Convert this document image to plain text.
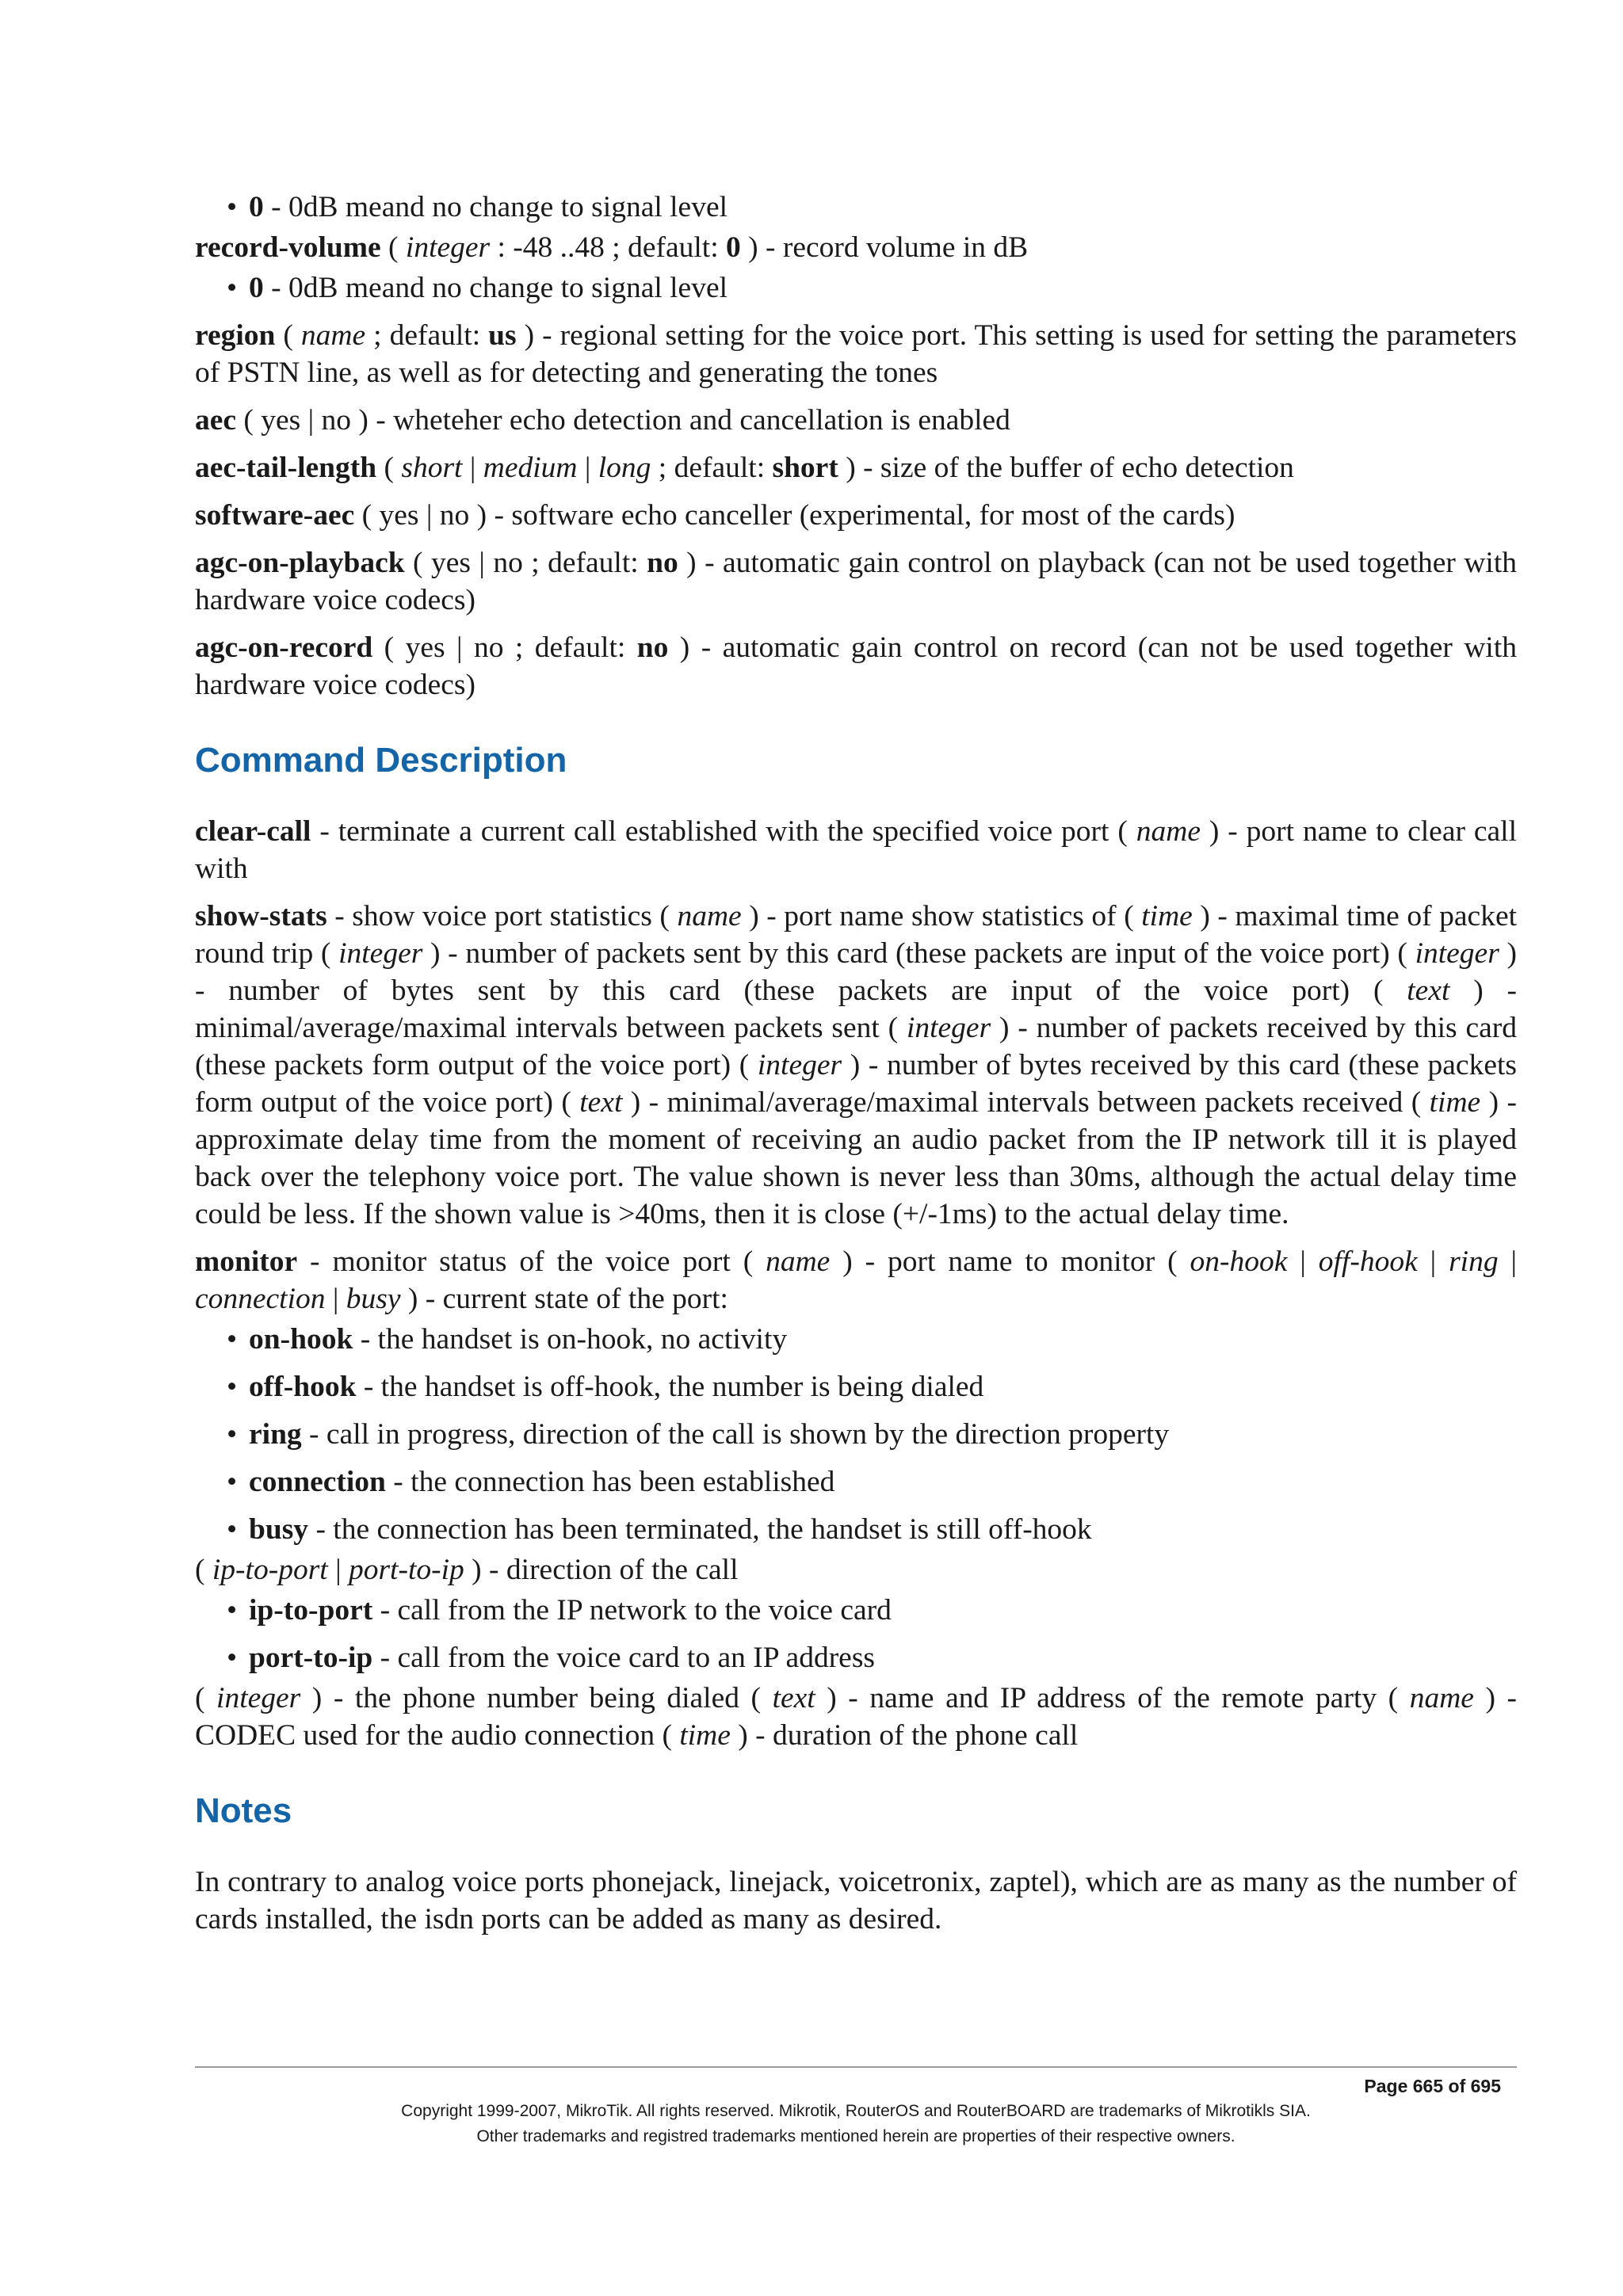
• 0 - 0dB meand no change to signal level

record-volume ( integer : -48 ..48 ; default: 0 ) - record volume in dB

• 0 - 0dB meand no change to signal level

region ( name ; default: us ) - regional setting for the voice port. This setting is used for setting the parameters of PSTN line, as well as for detecting and generating the tones

aec ( yes | no ) - wheteher echo detection and cancellation is enabled

aec-tail-length ( short | medium | long ; default: short ) - size of the buffer of echo detection

software-aec ( yes | no ) - software echo canceller (experimental, for most of the cards)

agc-on-playback ( yes | no ; default: no ) - automatic gain control on playback (can not be used together with hardware voice codecs)

agc-on-record ( yes | no ; default: no ) - automatic gain control on record (can not be used together with hardware voice codecs)

Command Description

clear-call - terminate a current call established with the specified voice port ( name ) - port name to clear call with

show-stats - show voice port statistics ( name ) - port name show statistics of ( time ) - maximal time of packet round trip ( integer ) - number of packets sent by this card (these packets are input of the voice port) ( integer ) - number of bytes sent by this card (these packets are input of the voice port) ( text ) - minimal/average/maximal intervals between packets sent ( integer ) - number of packets received by this card (these packets form output of the voice port) ( integer ) - number of bytes received by this card (these packets form output of the voice port) ( text ) - minimal/average/maximal intervals between packets received ( time ) - approximate delay time from the moment of receiving an audio packet from the IP network till it is played back over the telephony voice port. The value shown is never less than 30ms, although the actual delay time could be less. If the shown value is >40ms, then it is close (+/-1ms) to the actual delay time.

monitor - monitor status of the voice port ( name ) - port name to monitor ( on-hook | off-hook | ring | connection | busy ) - current state of the port:

• on-hook - the handset is on-hook, no activity
• off-hook - the handset is off-hook, the number is being dialed
• ring - call in progress, direction of the call is shown by the direction property
• connection - the connection has been established
• busy - the connection has been terminated, the handset is still off-hook

( ip-to-port | port-to-ip ) - direction of the call

• ip-to-port - call from the IP network to the voice card
• port-to-ip - call from the voice card to an IP address

( integer ) - the phone number being dialed ( text ) - name and IP address of the remote party ( name ) - CODEC used for the audio connection ( time ) - duration of the phone call

Notes

In contrary to analog voice ports phonejack, linejack, voicetronix, zaptel), which are as many as the number of cards installed, the isdn ports can be added as many as desired.

Page 665 of 695
Copyright 1999-2007, MikroTik. All rights reserved. Mikrotik, RouterOS and RouterBOARD are trademarks of Mikrotikls SIA.
Other trademarks and registred trademarks mentioned herein are properties of their respective owners.
